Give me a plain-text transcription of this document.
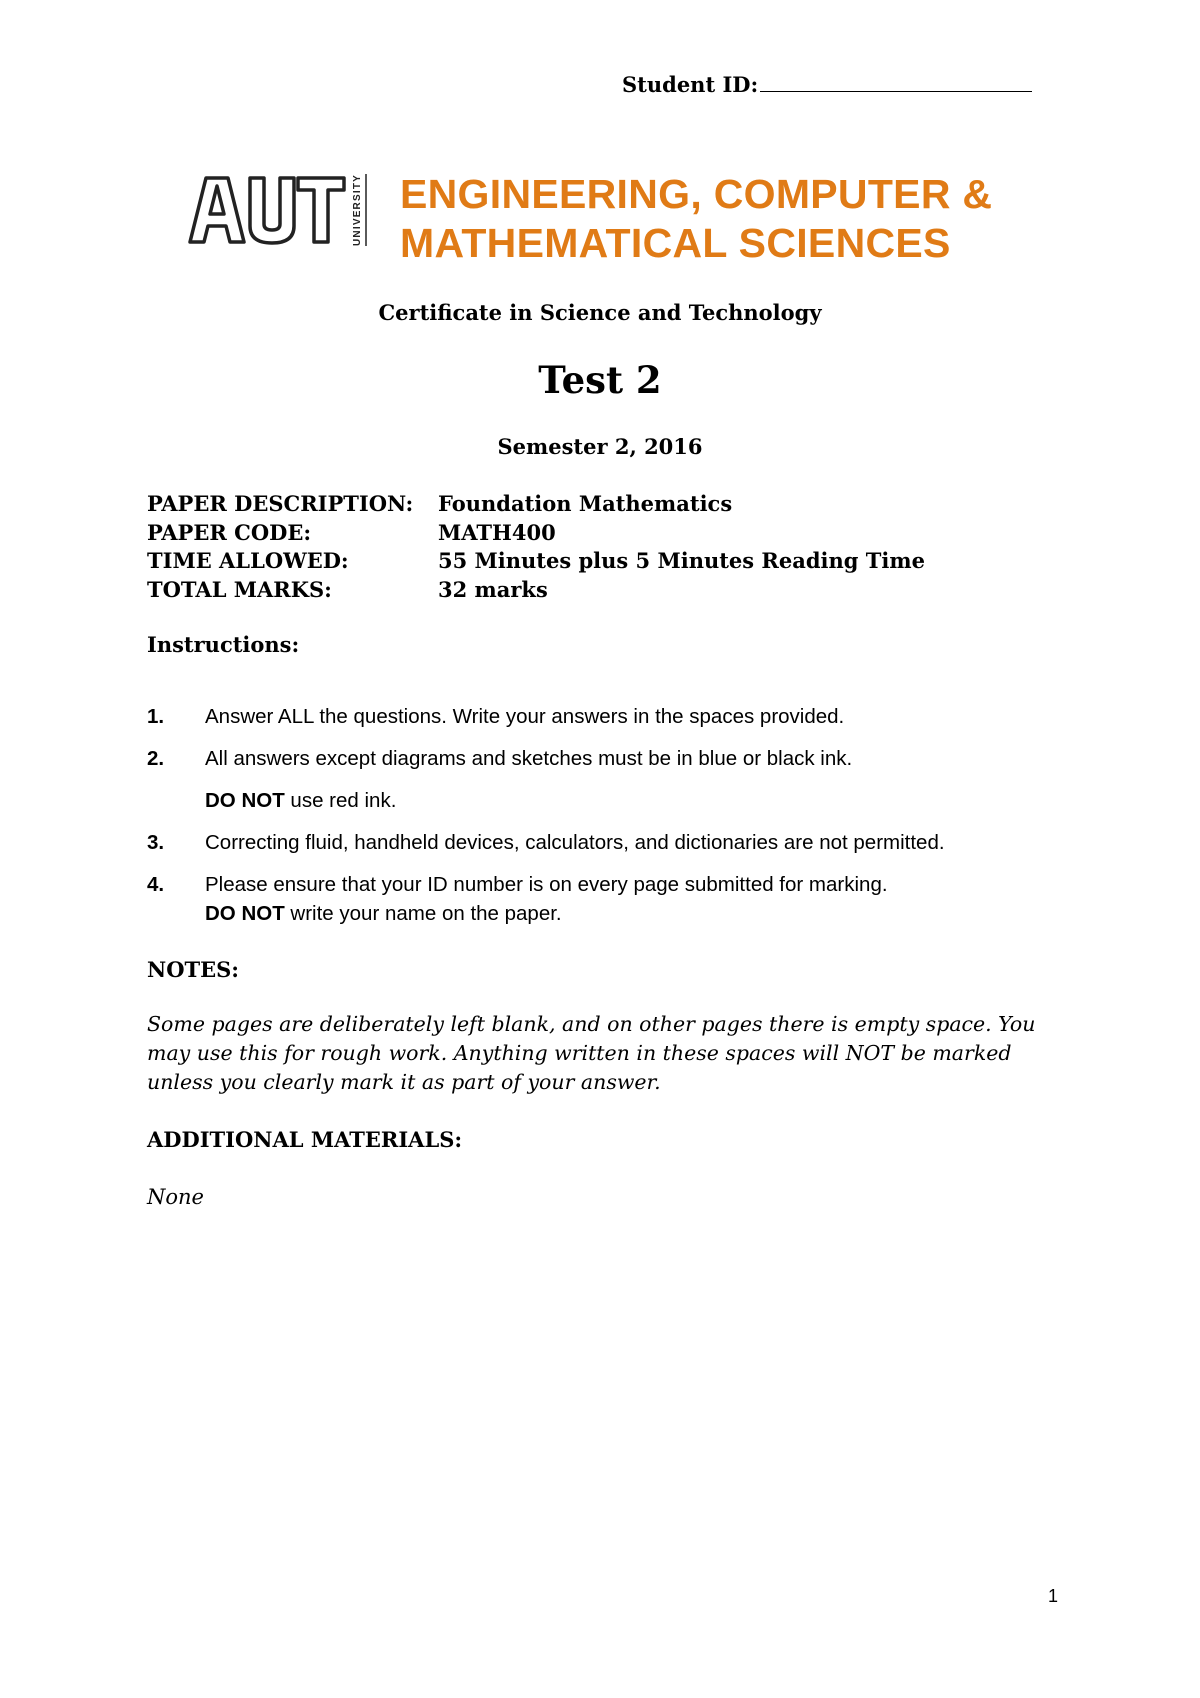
Student ID:
UNIVERSITY ENGINEERING, COMPUTER &
MATHEMATICAL SCIENCES
Certificate in Science and Technology
Test 2
Semester 2, 2016
PAPER DESCRIPTION:	Foundation Mathematics
PAPER CODE:	MATH400
TIME ALLOWED:	55 Minutes plus 5 Minutes Reading Time
TOTAL MARKS:	32 marks
Instructions:
1. Answer ALL the questions. Write your answers in the spaces provided.
2. All answers except diagrams and sketches must be in blue or black ink.
DO NOT use red ink.
3. Correcting fluid, handheld devices, calculators, and dictionaries are not permitted.
4. Please ensure that your ID number is on every page submitted for marking.
DO NOT write your name on the paper.
NOTES:
Some pages are deliberately left blank, and on other pages there is empty space. You may use this for rough work. Anything written in these spaces will NOT be marked unless you clearly mark it as part of your answer.
ADDITIONAL MATERIALS:
None
1
